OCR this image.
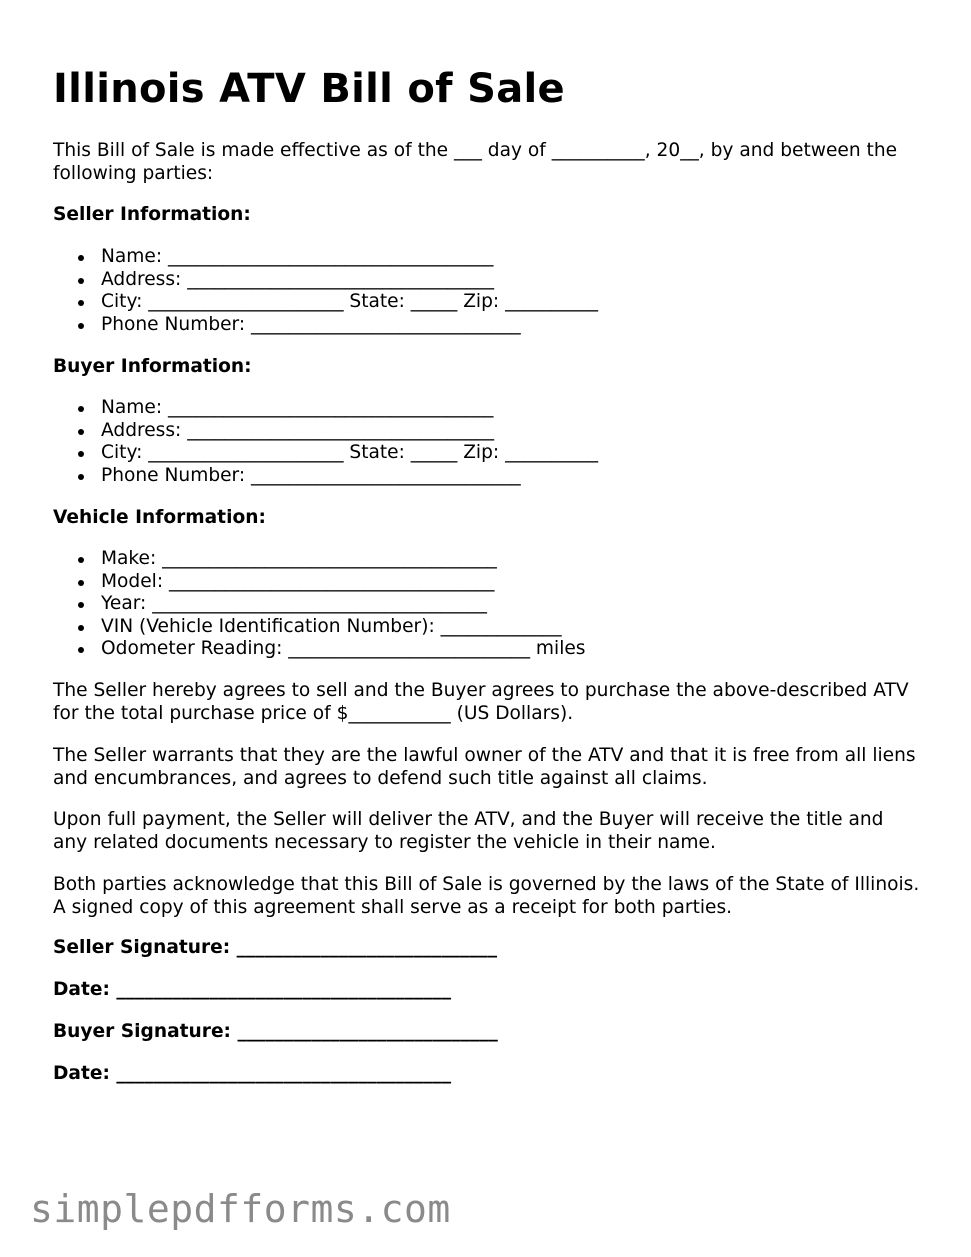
Illinois ATV Bill of Sale
This Bill of Sale is made effective as of the ___ day of __________, 20__, by and between the following parties:
Seller Information:
Name: ___________________________________
Address: _________________________________
City: _____________________ State: _____ Zip: __________
Phone Number: _____________________________
Buyer Information:
Name: ___________________________________
Address: _________________________________
City: _____________________ State: _____ Zip: __________
Phone Number: _____________________________
Vehicle Information:
Make: ____________________________________
Model: ___________________________________
Year: ____________________________________
VIN (Vehicle Identification Number): _____________
Odometer Reading: __________________________ miles
The Seller hereby agrees to sell and the Buyer agrees to purchase the above-described ATV for the total purchase price of $___________ (US Dollars).
The Seller warrants that they are the lawful owner of the ATV and that it is free from all liens and encumbrances, and agrees to defend such title against all claims.
Upon full payment, the Seller will deliver the ATV, and the Buyer will receive the title and any related documents necessary to register the vehicle in their name.
Both parties acknowledge that this Bill of Sale is governed by the laws of the State of Illinois. A signed copy of this agreement shall serve as a receipt for both parties.
Seller Signature: ____________________________
Date: ____________________________________
Buyer Signature: ____________________________
Date: ____________________________________
simplepdfforms.com
